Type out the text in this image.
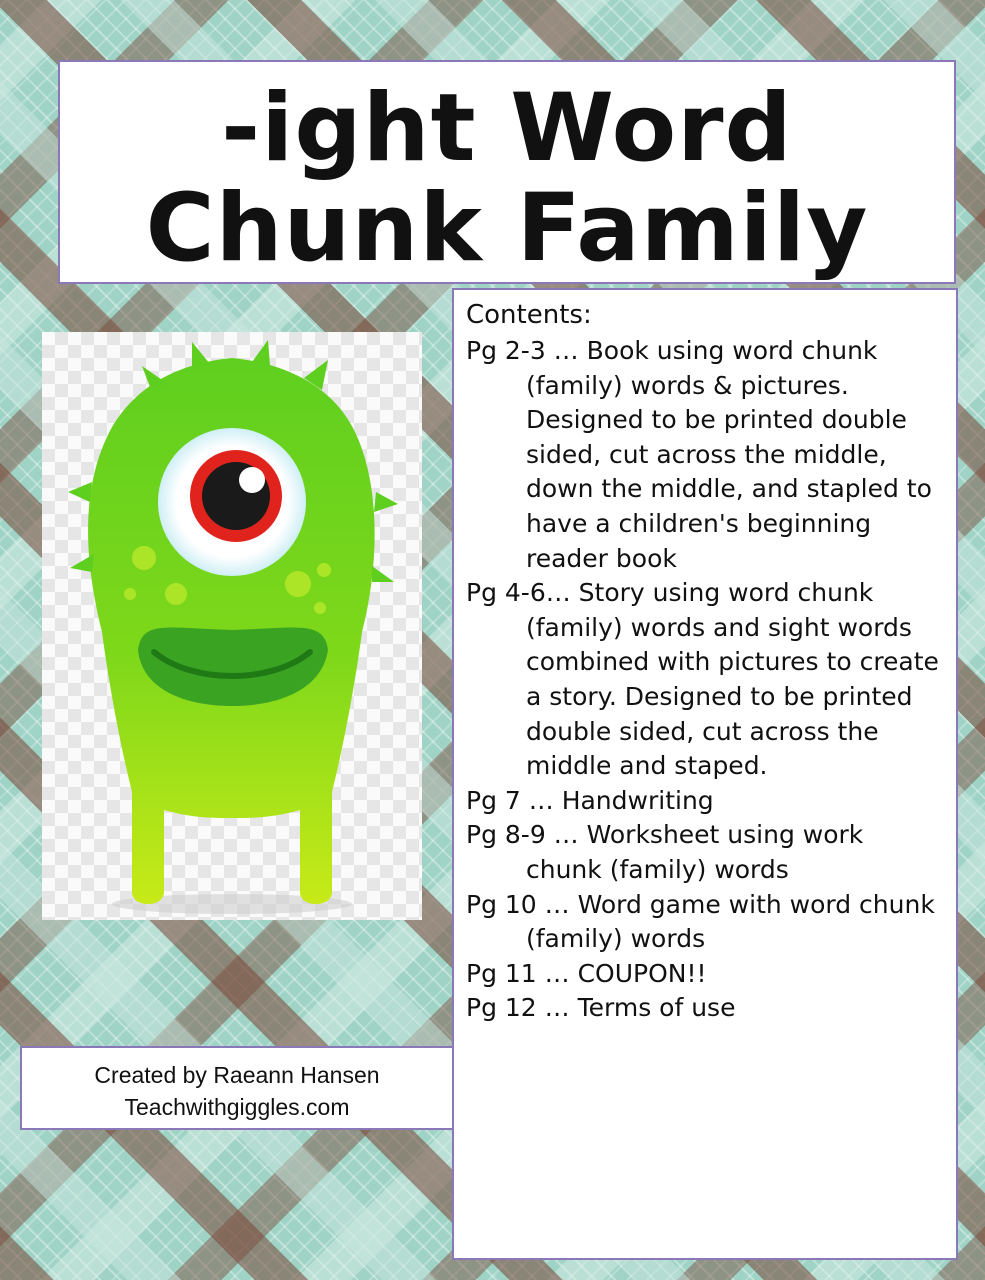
-ight Word
Chunk Family
Created by Raeann Hansen
Teachwithgiggles.com
Contents:

Pg 2-3 … Book using word chunk (family) words & pictures. Designed to be printed double sided, cut across the middle, down the middle, and stapled to have a children's beginning reader book

Pg 4-6… Story using word chunk (family) words and sight words combined with pictures to create a story. Designed to be printed double sided, cut across the middle and staped.

Pg 7 … Handwriting

Pg 8-9 … Worksheet using work chunk (family) words

Pg 10 … Word game with word chunk (family) words

Pg 11 … COUPON!!

Pg 12 … Terms of use
